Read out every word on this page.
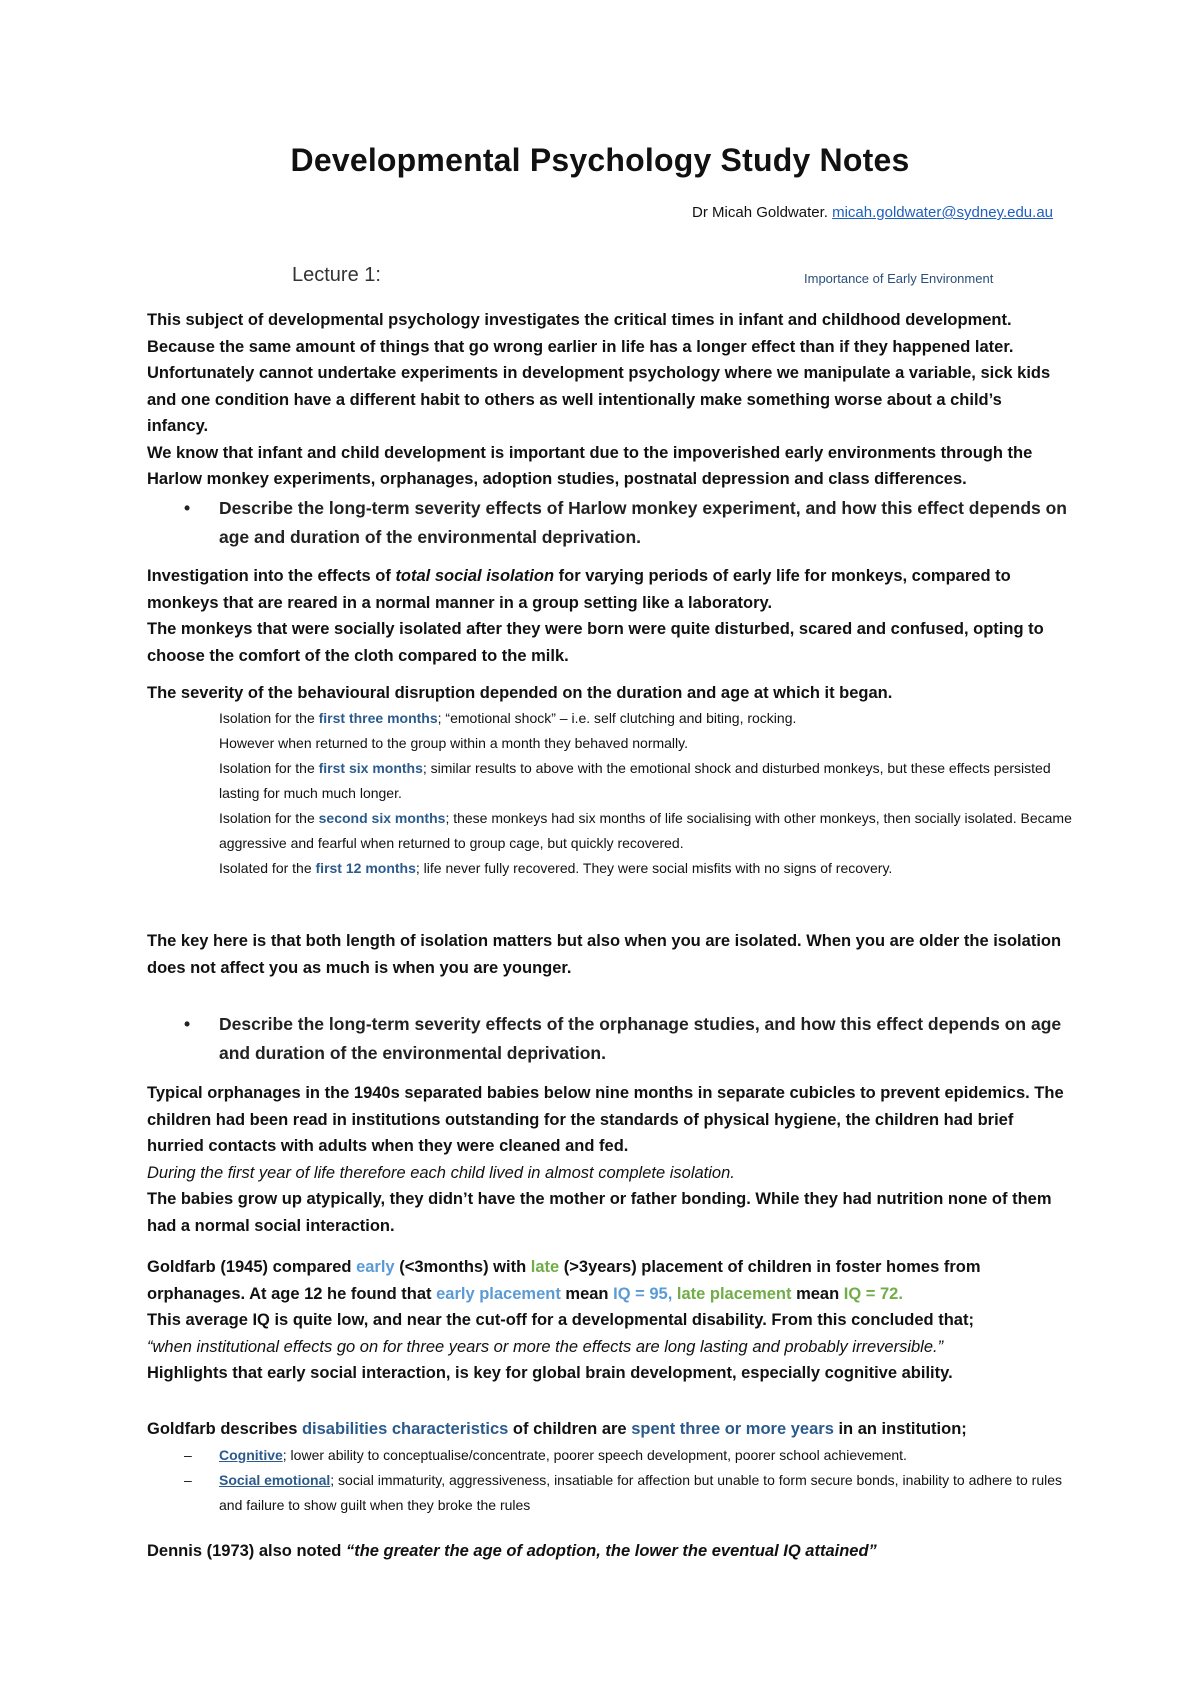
Developmental Psychology Study Notes
Dr Micah Goldwater. micah.goldwater@sydney.edu.au
Lecture 1:	Importance of Early Environment

This subject of developmental psychology investigates the critical times in infant and childhood development. Because the same amount of things that go wrong earlier in life has a longer effect than if they happened later. Unfortunately cannot undertake experiments in development psychology where we manipulate a variable, sick kids and one condition have a different habit to others as well intentionally make something worse about a child’s infancy.

We know that infant and child development is important due to the impoverished early environments through the Harlow monkey experiments, orphanages, adoption studies, postnatal depression and class differences.

• Describe the long-term severity effects of Harlow monkey experiment, and how this effect depends on age and duration of the environmental deprivation.

Investigation into the effects of total social isolation for varying periods of early life for monkeys, compared to monkeys that are reared in a normal manner in a group setting like a laboratory.

The monkeys that were socially isolated after they were born were quite disturbed, scared and confused, opting to choose the comfort of the cloth compared to the milk.

The severity of the behavioural disruption depended on the duration and age at which it began.

Isolation for the first three months; “emotional shock” – i.e. self clutching and biting, rocking.

However when returned to the group within a month they behaved normally.

Isolation for the first six months; similar results to above with the emotional shock and disturbed monkeys, but these effects persisted lasting for much much longer.

Isolation for the second six months; these monkeys had six months of life socialising with other monkeys, then socially isolated. Became aggressive and fearful when returned to group cage, but quickly recovered.

Isolated for the first 12 months; life never fully recovered. They were social misfits with no signs of recovery.

The key here is that both length of isolation matters but also when you are isolated. When you are older the isolation does not affect you as much is when you are younger.
• Describe the long-term severity effects of the orphanage studies, and how this effect depends on age and duration of the environmental deprivation.
Typical orphanages in the 1940s separated babies below nine months in separate cubicles to prevent epidemics. The children had been read in institutions outstanding for the standards of physical hygiene, the children had brief hurried contacts with adults when they were cleaned and fed.
During the first year of life therefore each child lived in almost complete isolation.
The babies grow up atypically, they didn’t have the mother or father bonding. While they had nutrition none of them had a normal social interaction.

Goldfarb (1945) compared early (<3months) with late (>3years) placement of children in foster homes from orphanages. At age 12 he found that early placement mean IQ = 95, late placement mean IQ = 72.

This average IQ is quite low, and near the cut-off for a developmental disability. From this concluded that;

“when institutional effects go on for three years or more the effects are long lasting and probably irreversible.”

Highlights that early social interaction, is key for global brain development, especially cognitive ability.

Goldfarb describes disabilities characteristics of children are spent three or more years in an institution;
– Cognitive; lower ability to conceptualise/concentrate, poorer speech development, poorer school achievement.
– Social emotional; social immaturity, aggressiveness, insatiable for affection but unable to form secure bonds, inability to adhere to rules and failure to show guilt when they broke the rules
Dennis (1973) also noted “the greater the age of adoption, the lower the eventual IQ attained”
